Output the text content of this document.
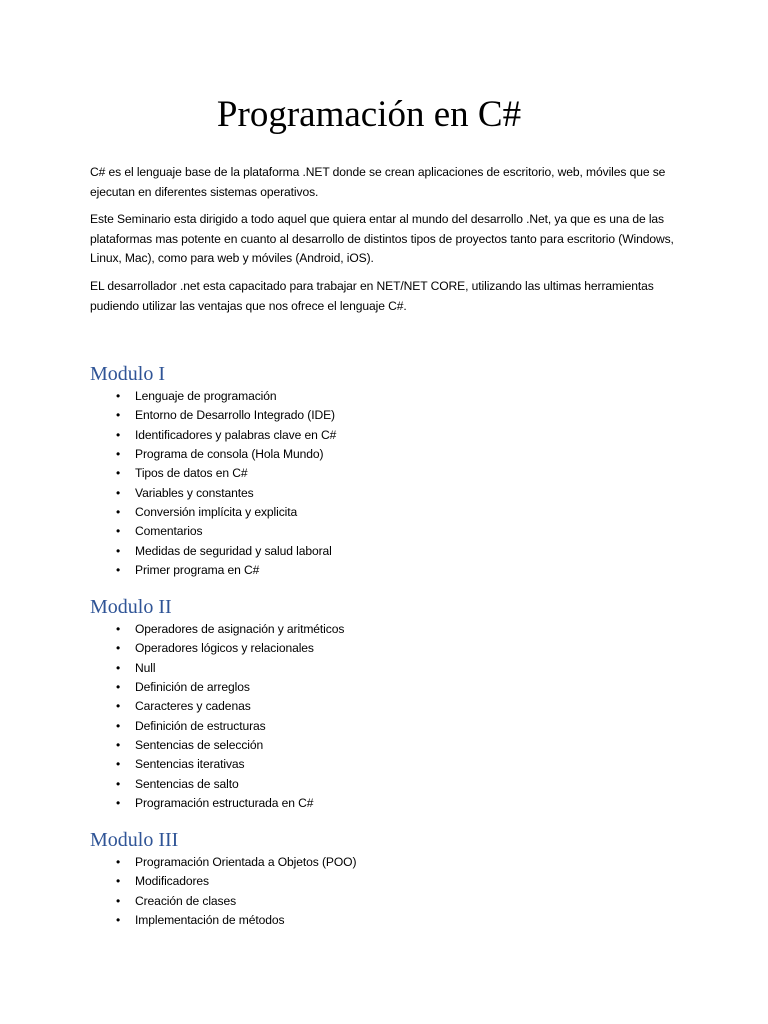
Programación en C#

C# es el lenguaje base de la plataforma .NET donde se crean aplicaciones de escritorio, web, móviles que se ejecutan en diferentes sistemas operativos.

Este Seminario esta dirigido a todo aquel que quiera entar al mundo del desarrollo .Net, ya que es una de las plataformas mas potente en cuanto al desarrollo de distintos tipos de proyectos tanto para escritorio (Windows, Linux, Mac), como para web y móviles (Android, iOS).

EL desarrollador .net esta capacitado para trabajar en NET/NET CORE, utilizando las ultimas herramientas pudiendo utilizar las ventajas que nos ofrece el lenguaje C#.

Modulo I
• Lenguaje de programación
• Entorno de Desarrollo Integrado (IDE)
• Identificadores y palabras clave en C#
• Programa de consola (Hola Mundo)
• Tipos de datos en C#
• Variables y constantes
• Conversión implícita y explicita
• Comentarios
• Medidas de seguridad y salud laboral
• Primer programa en C#
Modulo II
• Operadores de asignación y aritméticos
• Operadores lógicos y relacionales
• Null
• Definición de arreglos
• Caracteres y cadenas
• Definición de estructuras
• Sentencias de selección
• Sentencias iterativas
• Sentencias de salto
• Programación estructurada en C#
Modulo III
• Programación Orientada a Objetos (POO)
• Modificadores
• Creación de clases
• Implementación de métodos
